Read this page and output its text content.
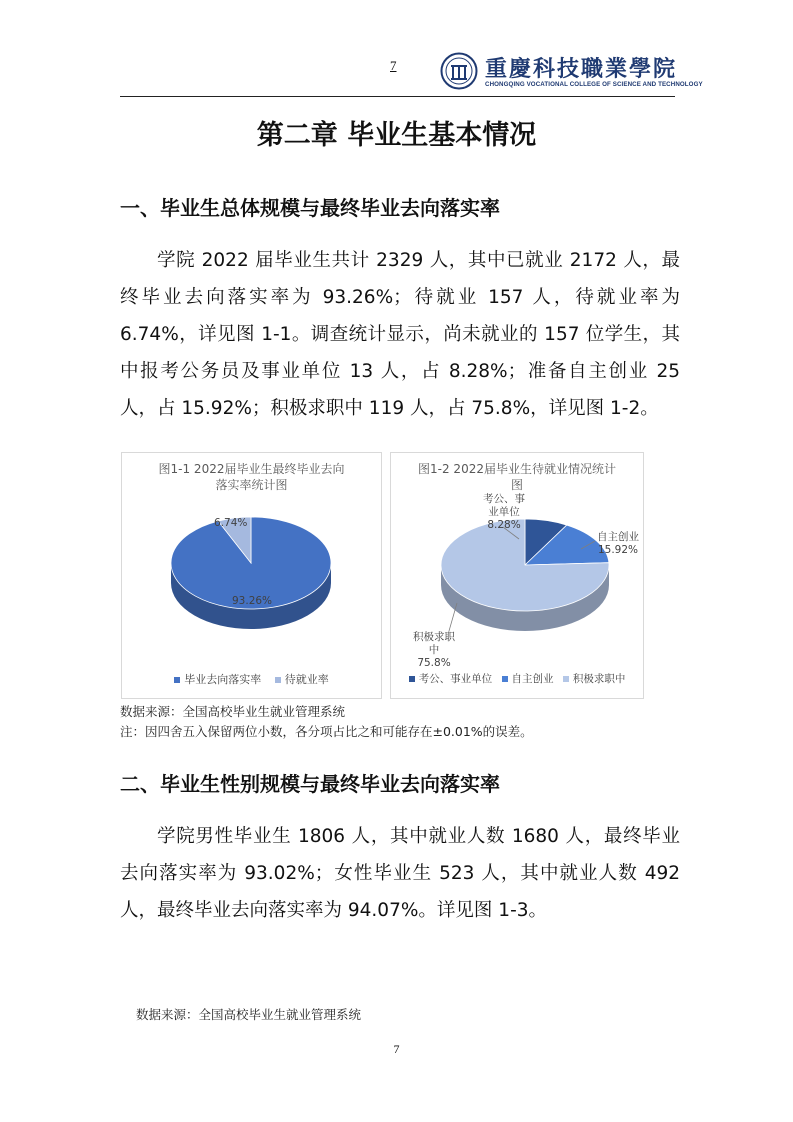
7	重慶科技職業學院
CHONGQING VOCATIONAL COLLEGE OF SCIENCE AND TECHNOLOGY
第二章 毕业生基本情况
一、毕业生总体规模与最终毕业去向落实率

学院 2022 届毕业生共计 2329 人，其中已就业 2172 人，最终毕业去向落实率为 93.26%；待就业 157 人，待就业率为 6.74%，详见图 1-1。调查统计显示，尚未就业的 157 位学生，其中报考公务员及事业单位 13 人，占 8.28%；准备自主创业 25 人，占 15.92%；积极求职中 119 人，占 75.8%，详见图 1-2。

图1-1 2022届毕业生最终毕业去向
落实率统计图
6.74%
93.26%
毕业去向落实率 待就业率
图1-2 2022届毕业生待就业情况统计
图
考公、事
业单位
8.28%
自主创业
15.92%
积极求职
中
75.8%
考公、事业单位 自主创业 积极求职中

数据来源：全国高校毕业生就业管理系统

注：因四舍五入保留两位小数，各分项占比之和可能存在±0.01%的误差。

二、毕业生性别规模与最终毕业去向落实率

学院男性毕业生 1806 人，其中就业人数 1680 人，最终毕业去向落实率为 93.02%；女性毕业生 523 人，其中就业人数 492 人，最终毕业去向落实率为 94.07%。详见图 1-3。

数据来源：全国高校毕业生就业管理系统

7
